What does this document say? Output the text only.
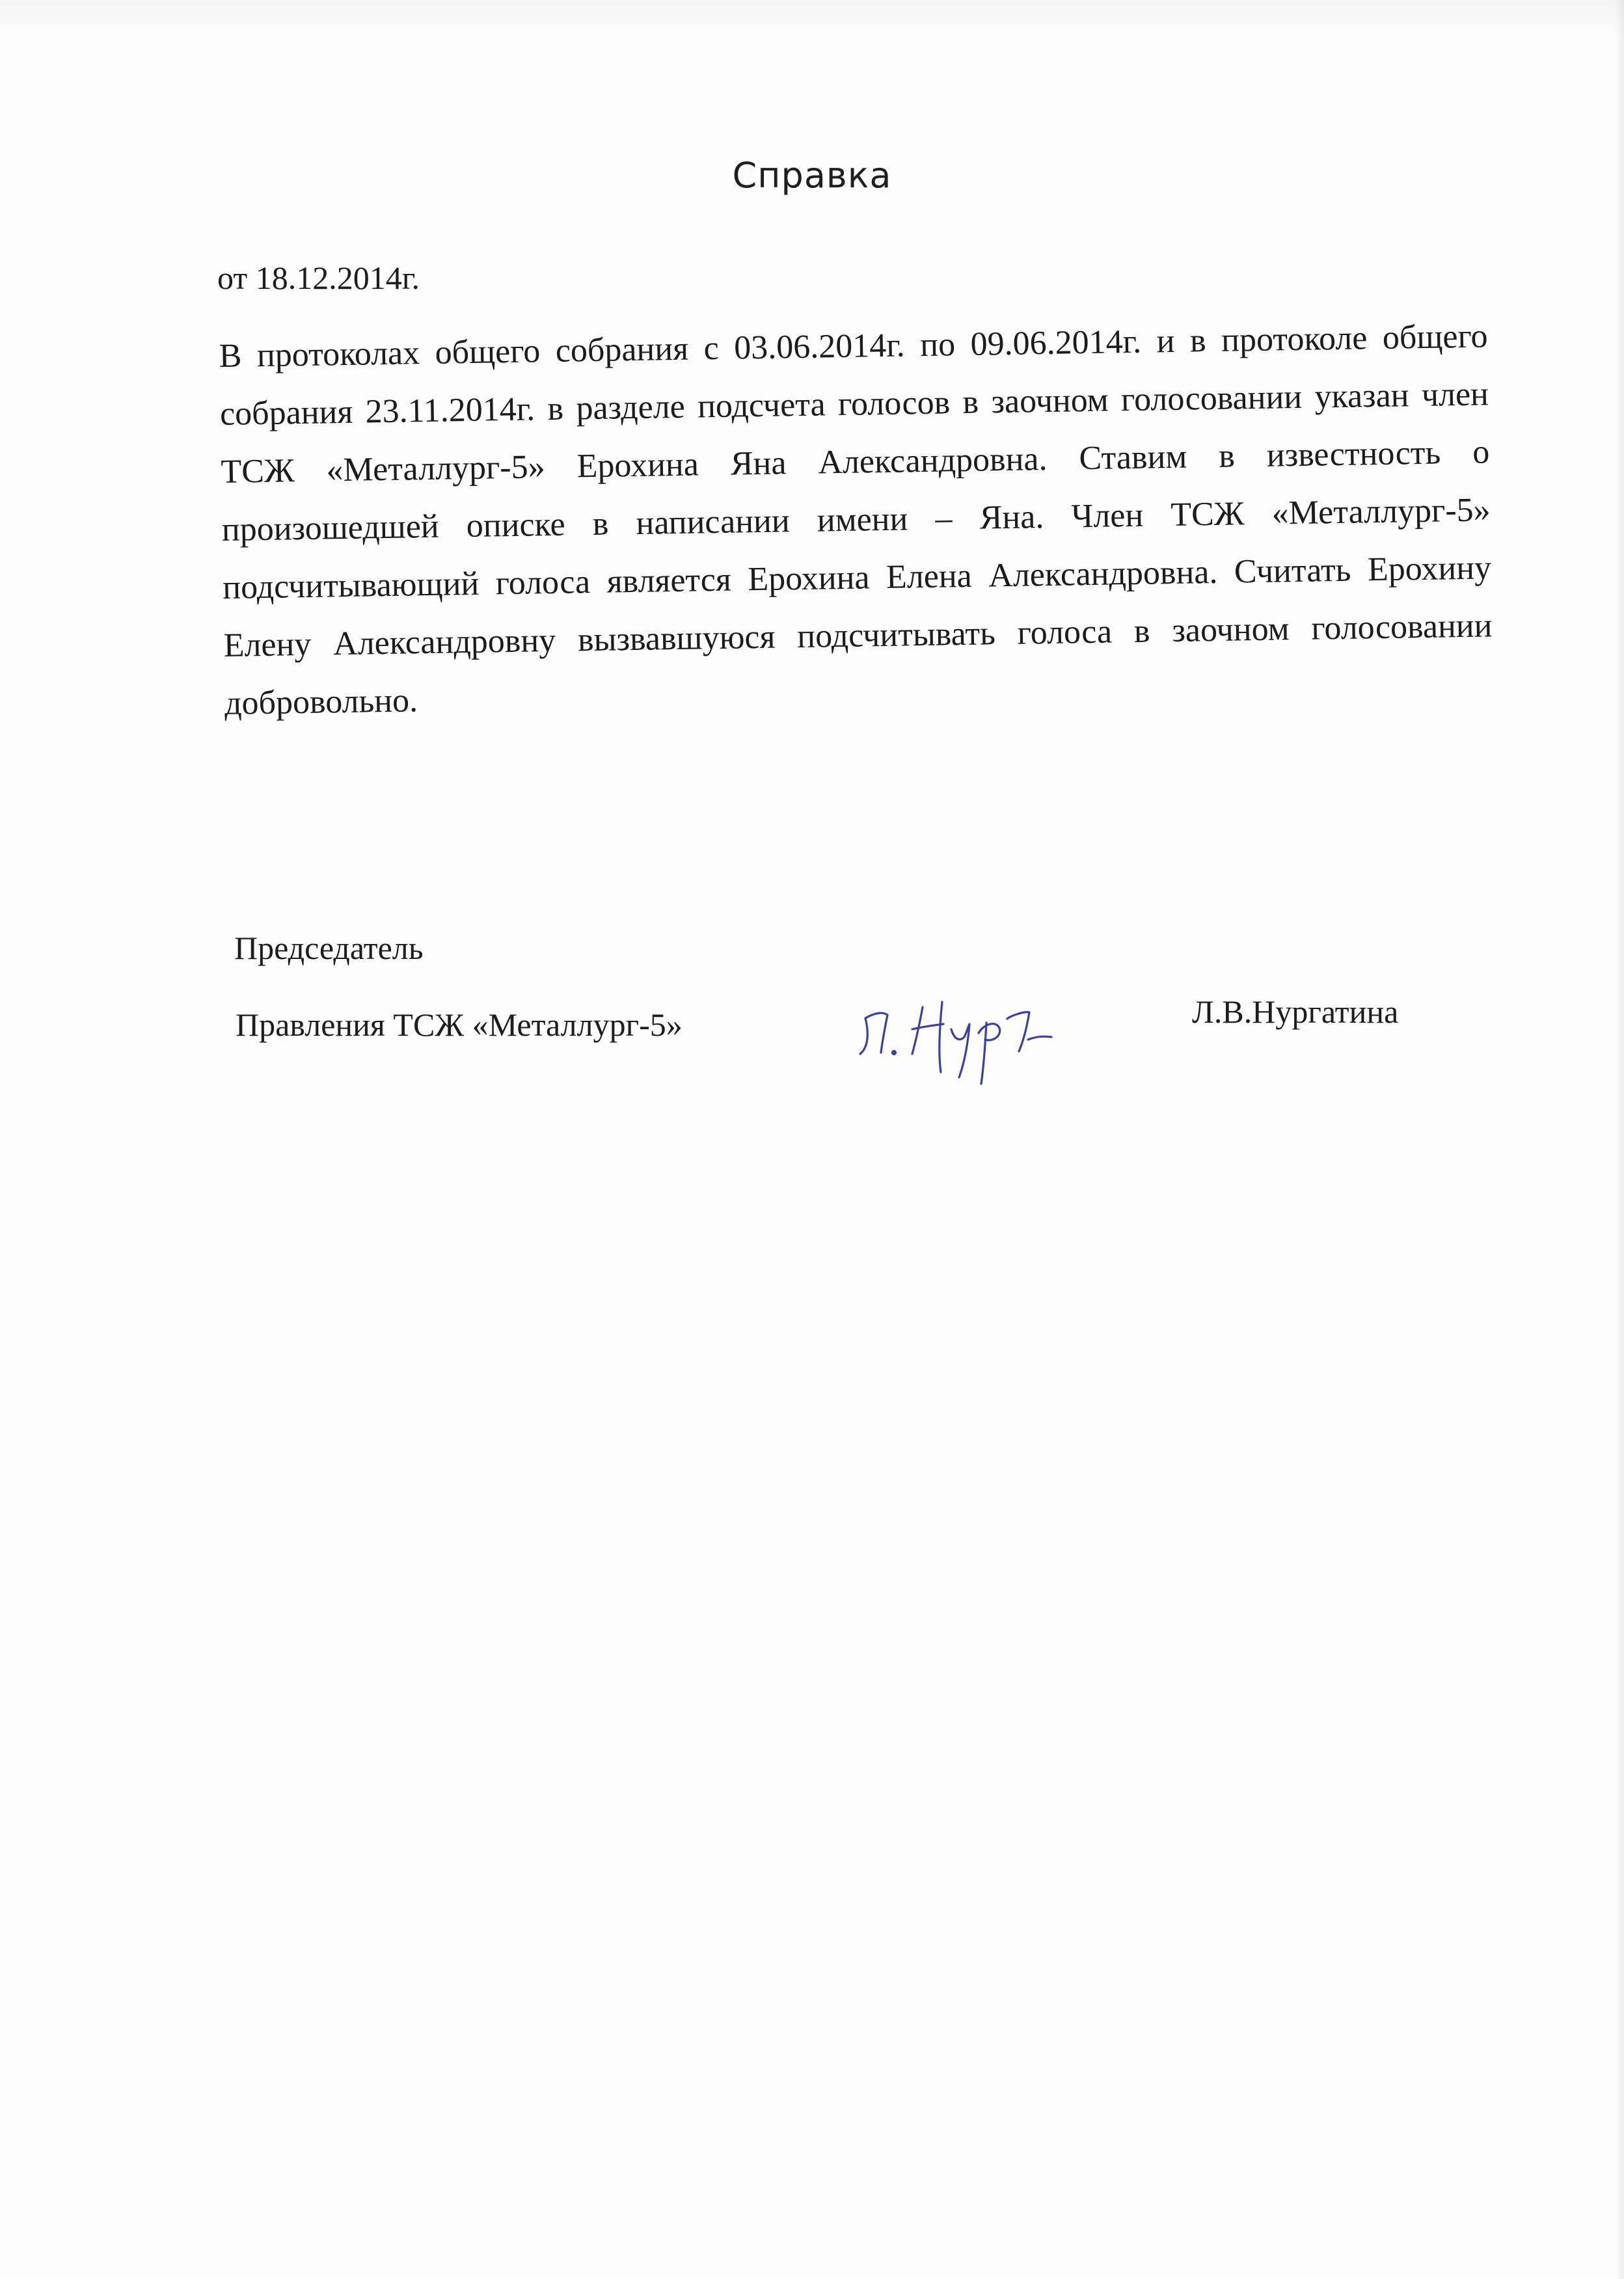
Справка
от 18.12.2014г.

В протоколах общего собрания с 03.06.2014г. по 09.06.2014г. и в протоколе общего собрания 23.11.2014г. в разделе подсчета голосов в заочном голосовании указан член ТСЖ «Металлург-5» Ерохина Яна Александровна. Ставим в известность о произошедшей описке в написании имени – Яна. Член ТСЖ «Металлург-5» подсчитывающий голоса является Ерохина Елена Александровна. Считать Ерохину Елену Александровну вызвавшуюся подсчитывать голоса в заочном голосовании добровольно.

Председатель
Правления ТСЖ «Металлург-5»	Л.В.Нургатина
